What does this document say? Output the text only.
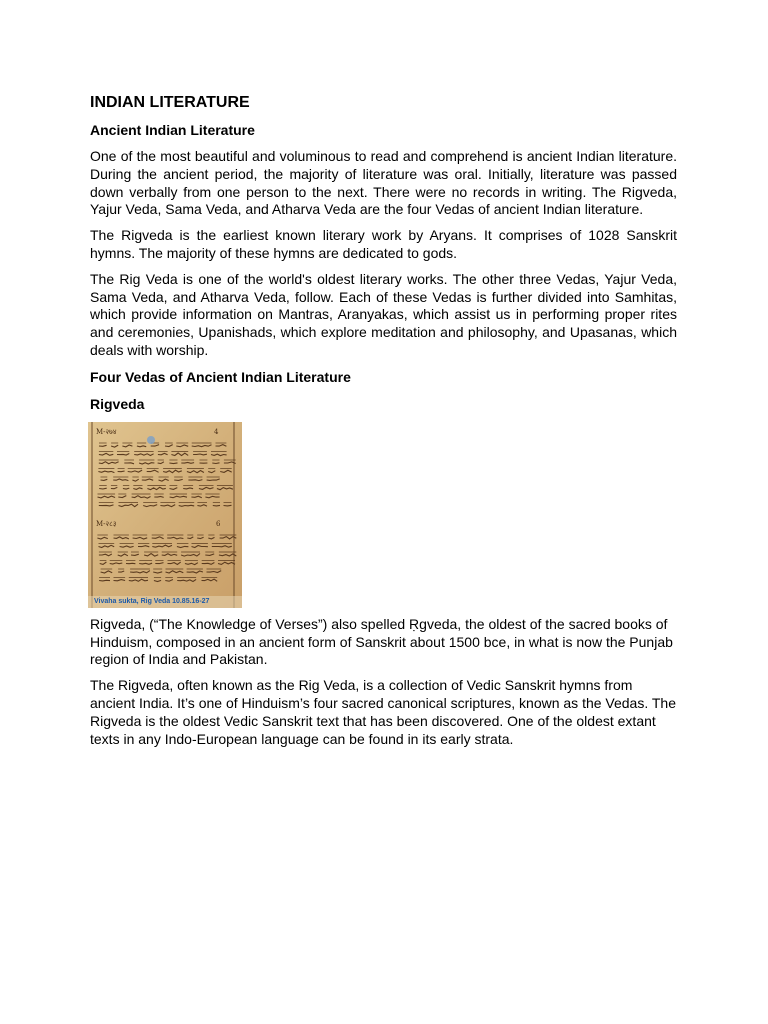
INDIAN LITERATURE
Ancient Indian Literature

One of the most beautiful and voluminous to read and comprehend is ancient Indian literature. During the ancient period, the majority of literature was oral. Initially, literature was passed down verbally from one person to the next. There were no records in writing. The Rigveda, Yajur Veda, Sama Veda, and Atharva Veda are the four Vedas of ancient Indian literature.

The Rigveda is the earliest known literary work by Aryans. It comprises of 1028 Sanskrit hymns. The majority of these hymns are dedicated to gods.

The Rig Veda is one of the world's oldest literary works. The other three Vedas, Yajur Veda, Sama Veda, and Atharva Veda, follow. Each of these Vedas is further divided into Samhitas, which provide information on Mantras, Aranyakas, which assist us in performing proper rites and ceremonies, Upanishads, which explore meditation and philosophy, and Upasanas, which deals with worship.

Four Vedas of Ancient Indian Literature
Rigveda
M-२७४	4
M-२८३	6
Vivaha sukta, Rig Veda 10.85.16-27

Rigveda, (“The Knowledge of Verses”) also spelled Ṛgveda, the oldest of the sacred books of Hinduism, composed in an ancient form of Sanskrit about 1500 bce, in what is now the Punjab region of India and Pakistan.

The Rigveda, often known as the Rig Veda, is a collection of Vedic Sanskrit hymns from ancient India. It’s one of Hinduism’s four sacred canonical scriptures, known as the Vedas. The Rigveda is the oldest Vedic Sanskrit text that has been discovered. One of the oldest extant texts in any Indo-European language can be found in its early strata.
